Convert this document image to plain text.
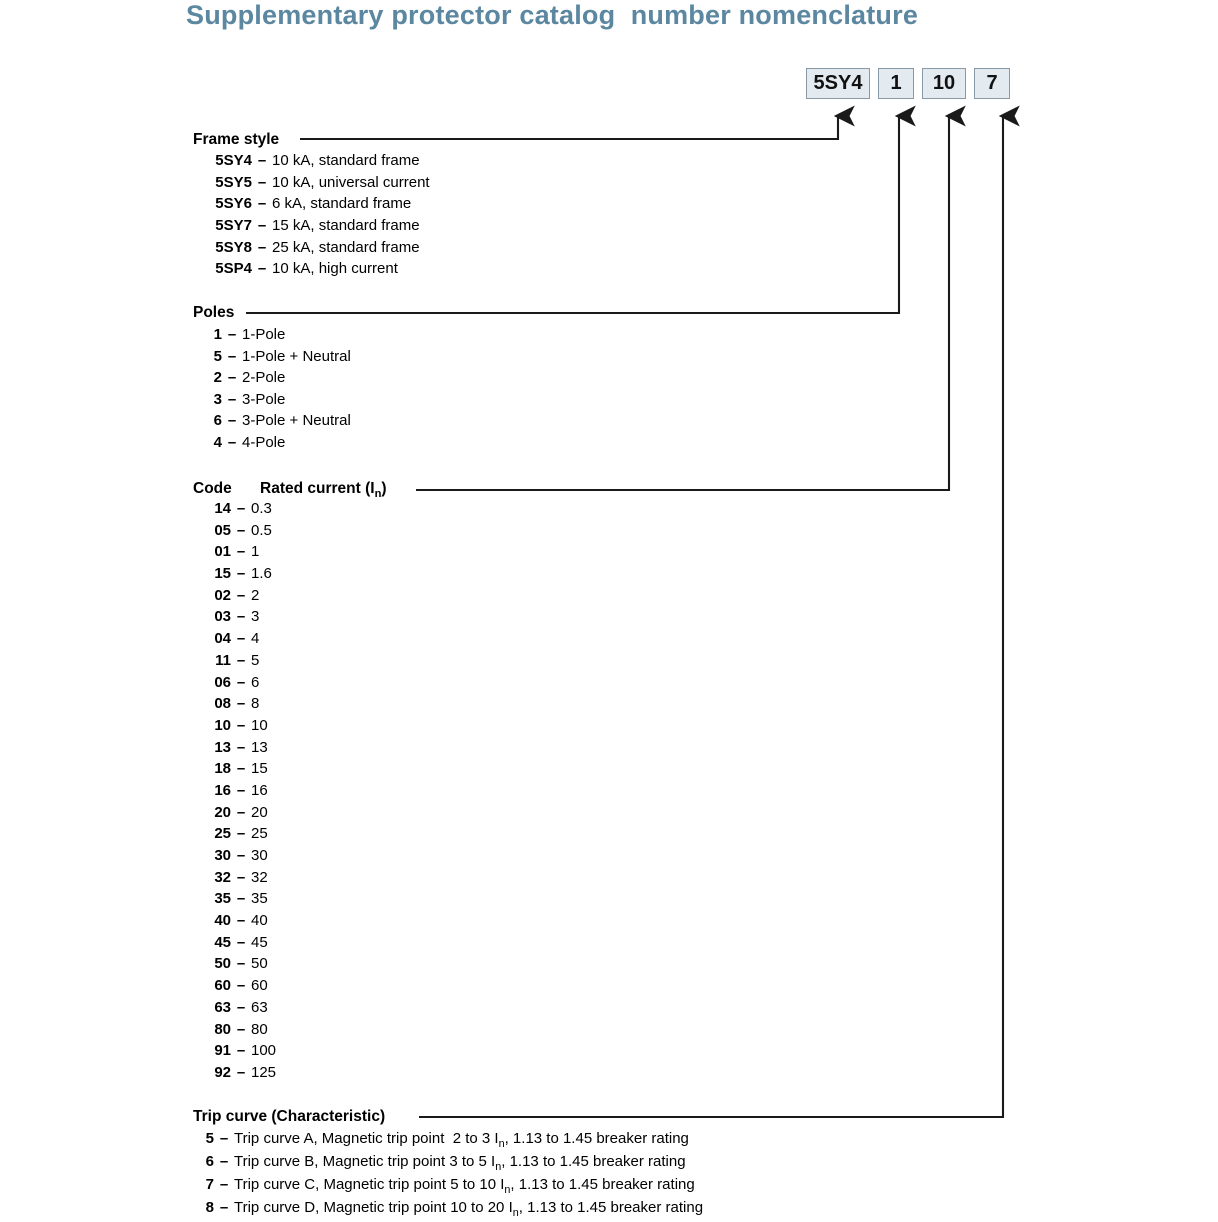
Supplementary protector catalog  number nomenclature
5SY4	1	10	7
Frame style
5SY4 – 10 kA, standard frame
5SY5 – 10 kA, universal current
5SY6 – 6 kA, standard frame
5SY7 – 15 kA, standard frame
5SY8 – 25 kA, standard frame
5SP4 – 10 kA, high current
Poles
1 – 1-Pole
5 – 1-Pole + Neutral
2 – 2-Pole
3 – 3-Pole
6 – 3-Pole + Neutral
4 – 4-Pole
Code Rated current $(I_n)$
14 – 0.3
05 – 0.5
01 – 1
15 – 1.6
02 – 2
03 – 3
04 – 4
11 – 5
06 – 6
08 – 8
10 – 10
13 – 13
18 – 15
16 – 16
20 – 20
25 – 25
30 – 30
32 – 32
35 – 35
40 – 40
45 – 45
50 – 50
60 – 60
63 – 63
80 – 80
91 – 100
92 – 125
Trip curve (Characteristic)
5 – Trip curve A, Magnetic trip point  2 to 3 $I_n$, 1.13 to 1.45 breaker rating
6 – Trip curve B, Magnetic trip point 3 to 5 $I_n$, 1.13 to 1.45 breaker rating
7 – Trip curve C, Magnetic trip point 5 to 10 $I_n$, 1.13 to 1.45 breaker rating
8 – Trip curve D, Magnetic trip point 10 to 20 $I_n$, 1.13 to 1.45 breaker rating
